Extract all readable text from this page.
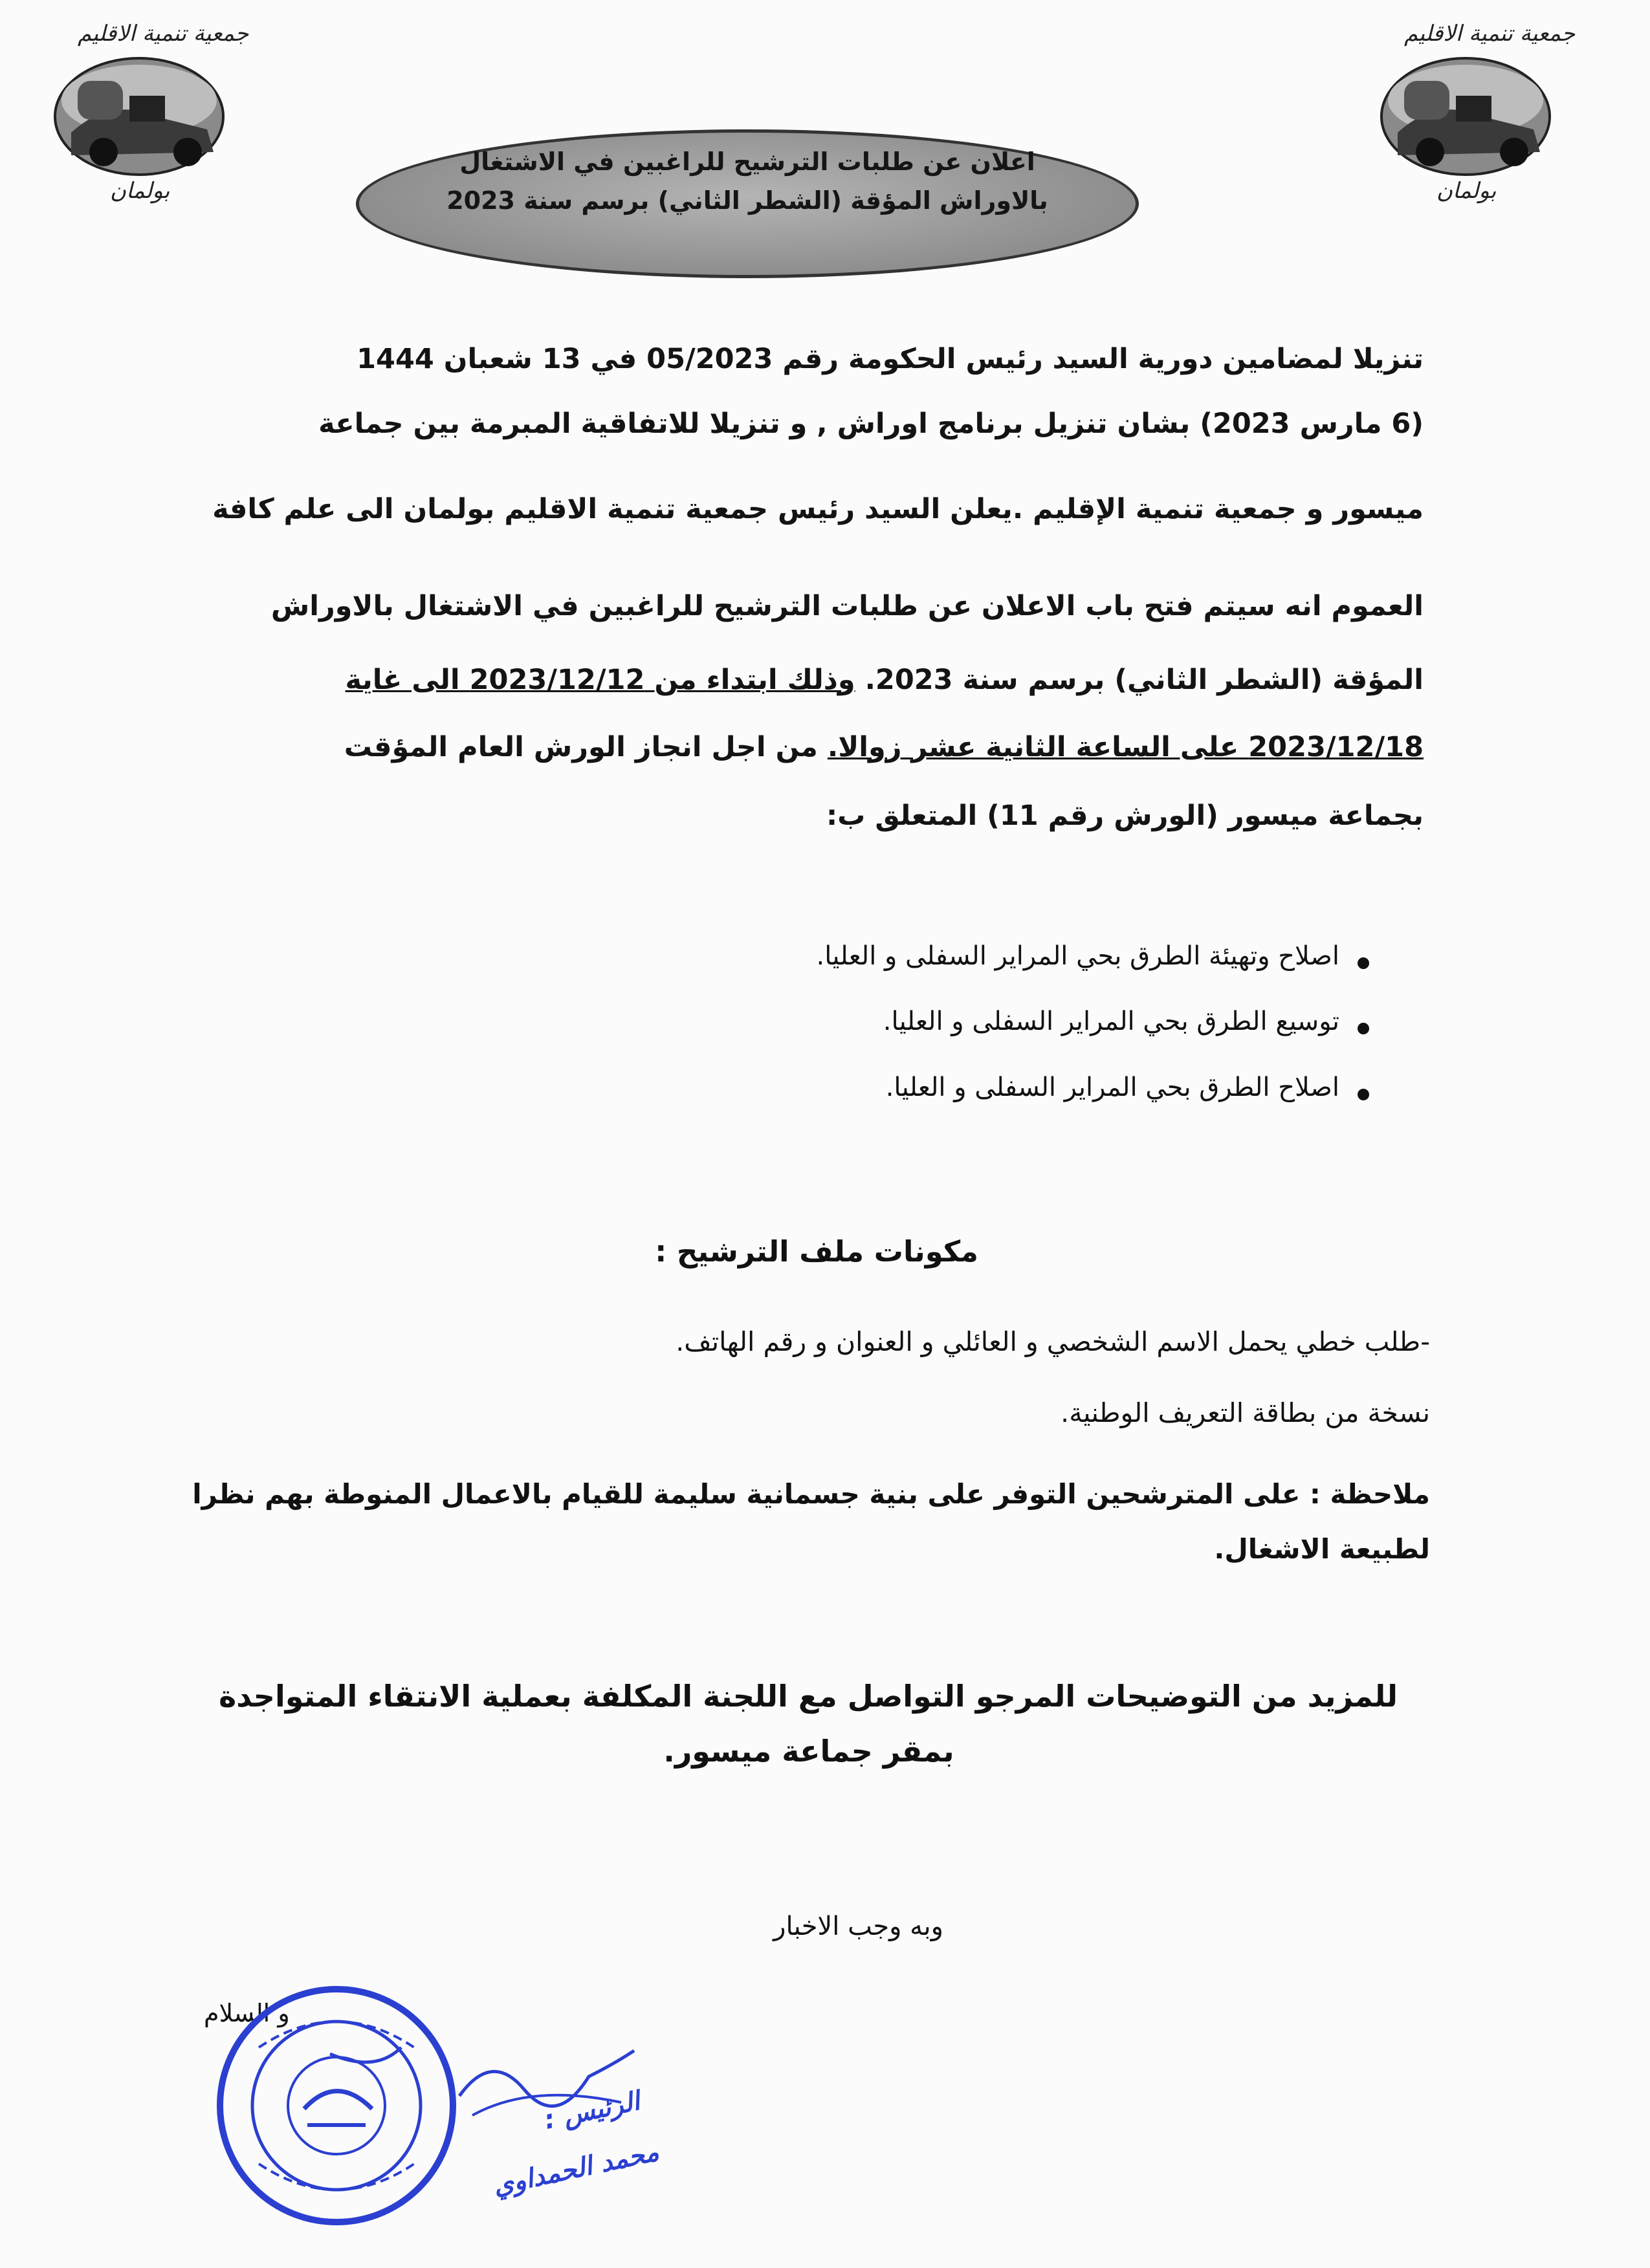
جمعية تنمية الاقليم
بولمان
جمعية تنمية الاقليم
بولمان
اعلان عن طلبات الترشيح للراغبين في الاشتغال
بالاوراش المؤقة (الشطر الثاني) برسم سنة 2023
تنزيلا لمضامين دورية السيد رئيس الحكومة رقم 05/2023 في 13 شعبان 1444
(6 مارس 2023) بشان تنزيل برنامج اوراش , و تنزيلا للاتفاقية المبرمة بين جماعة
ميسور و جمعية تنمية الإقليم .يعلن السيد رئيس جمعية تنمية الاقليم بولمان الى علم كافة
العموم انه سيتم فتح باب الاعلان عن طلبات الترشيح للراغبين في الاشتغال بالاوراش
المؤقة (الشطر الثاني) برسم سنة 2023. وذلك ابتداء من 2023/12/12 الى غاية
2023/12/18 على الساعة الثانية عشر زوالا. من اجل انجاز الورش العام المؤقت
بجماعة ميسور (الورش رقم 11) المتعلق ب:
اصلاح وتهيئة الطرق بحي المراير السفلى و العليا.
توسيع الطرق بحي المراير السفلى و العليا.
اصلاح الطرق بحي المراير السفلى و العليا.
مكونات ملف الترشيح :
-طلب خطي يحمل الاسم الشخصي و العائلي و العنوان و رقم الهاتف.
نسخة من بطاقة التعريف الوطنية.
ملاحظة : على المترشحين التوفر على بنية جسمانية سليمة للقيام بالاعمال المنوطة بهم نظرا
لطبيعة الاشغال.
للمزيد من التوضيحات المرجو التواصل مع اللجنة المكلفة بعملية الانتقاء المتواجدة
بمقر جماعة ميسور.
وبه وجب الاخبار
و السلام
الرئيس :
محمد الحمداوي
